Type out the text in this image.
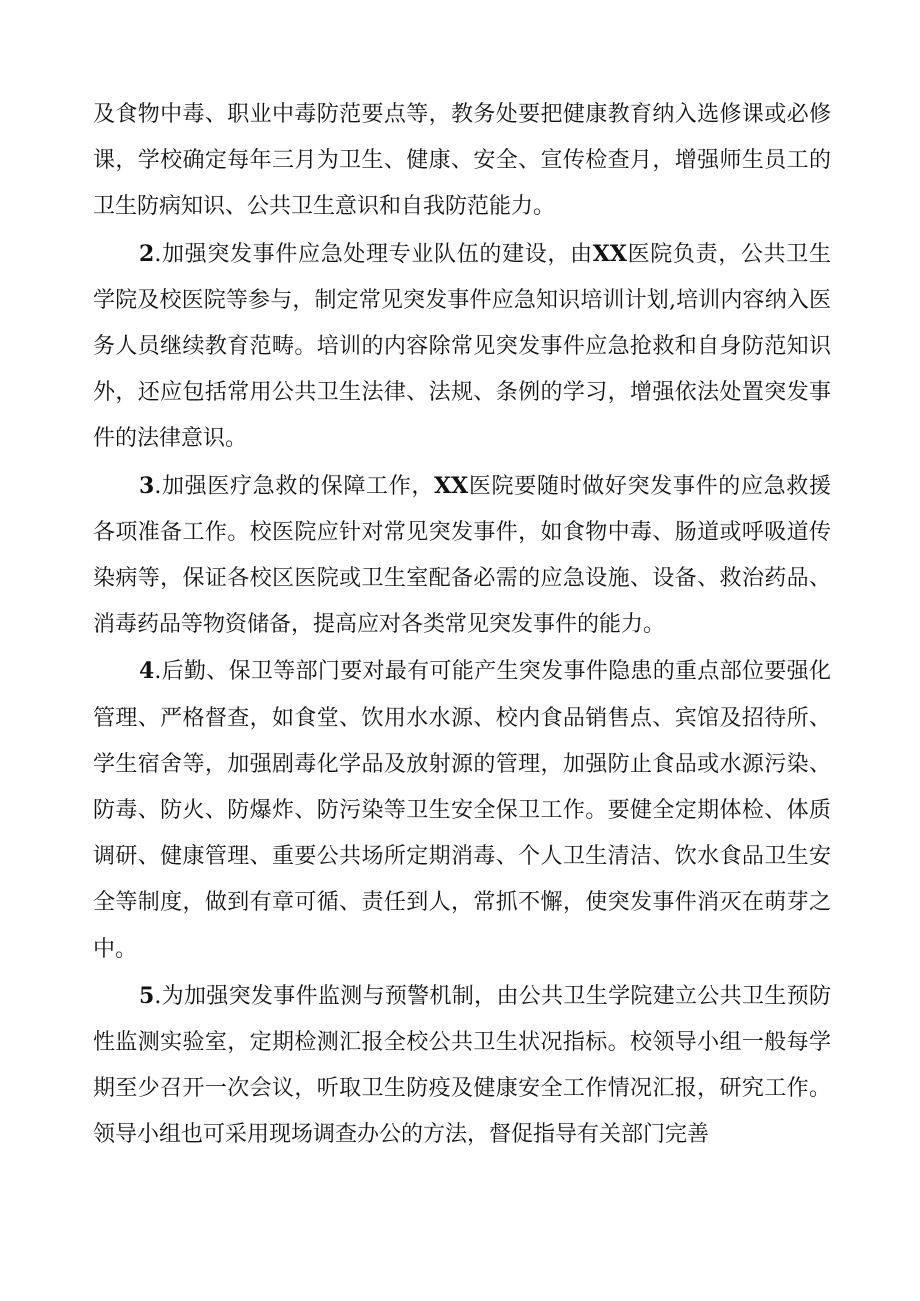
及食物中毒、职业中毒防范要点等，教务处要把健康教育纳入选修课或必修课，学校确定每年三月为卫生、健康、安全、宣传检查月，增强师生员工的卫生防病知识、公共卫生意识和自我防范能力。

2.加强突发事件应急处理专业队伍的建设，由XX医院负责，公共卫生学院及校医院等参与，制定常见突发事件应急知识培训计划,培训内容纳入医务人员继续教育范畴。培训的内容除常见突发事件应急抢救和自身防范知识外，还应包括常用公共卫生法律、法规、条例的学习，增强依法处置突发事件的法律意识。

3.加强医疗急救的保障工作，XX医院要随时做好突发事件的应急救援各项准备工作。校医院应针对常见突发事件，如食物中毒、肠道或呼吸道传染病等，保证各校区医院或卫生室配备必需的应急设施、设备、救治药品、消毒药品等物资储备，提高应对各类常见突发事件的能力。

4.后勤、保卫等部门要对最有可能产生突发事件隐患的重点部位要强化管理、严格督查，如食堂、饮用水水源、校内食品销售点、宾馆及招待所、学生宿舍等，加强剧毒化学品及放射源的管理，加强防止食品或水源污染、防毒、防火、防爆炸、防污染等卫生安全保卫工作。要健全定期体检、体质调研、健康管理、重要公共场所定期消毒、个人卫生清洁、饮水食品卫生安全等制度，做到有章可循、责任到人，常抓不懈，使突发事件消灭在萌芽之中。

5.为加强突发事件监测与预警机制，由公共卫生学院建立公共卫生预防性监测实验室，定期检测汇报全校公共卫生状况指标。校领导小组一般每学期至少召开一次会议，听取卫生防疫及健康安全工作情况汇报，研究工作。领导小组也可采用现场调查办公的方法，督促指导有关部门完善
